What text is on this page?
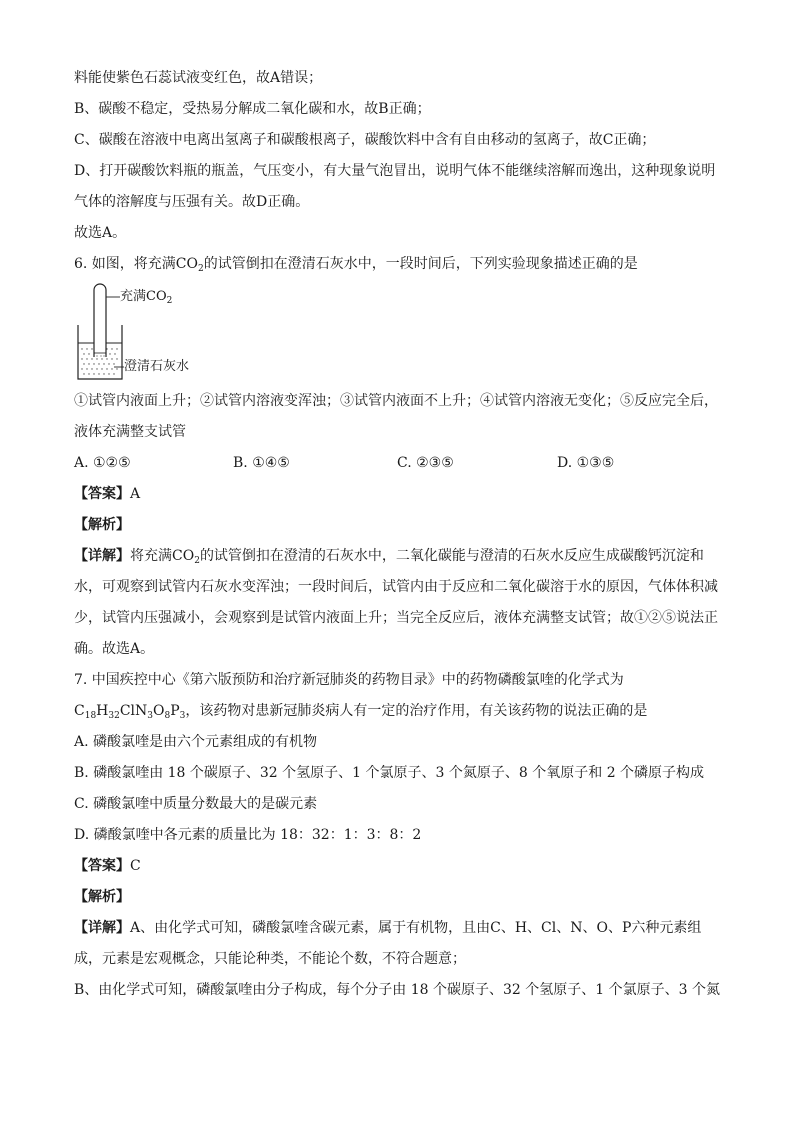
料能使紫色石蕊试液变红色，故A错误；
B、碳酸不稳定，受热易分解成二氧化碳和水，故B正确；
C、碳酸在溶液中电离出氢离子和碳酸根离子，碳酸饮料中含有自由移动的氢离子，故C正确；
D、打开碳酸饮料瓶的瓶盖，气压变小，有大量气泡冒出，说明气体不能继续溶解而逸出，这种现象说明
气体的溶解度与压强有关。故D正确。
故选A。
6. 如图，将充满$CO_2$的试管倒扣在澄清石灰水中，一段时间后，下列实验现象描述正确的是
充满$CO_2$
澄清石灰水
①试管内液面上升；②试管内溶液变浑浊；③试管内液面不上升；④试管内溶液无变化；⑤反应完全后，
液体充满整支试管
A. ①②⑤	B. ①④⑤	C. ②③⑤	D. ①③⑤
【答案】A
【解析】
【详解】将充满$CO_2$的试管倒扣在澄清的石灰水中，二氧化碳能与澄清的石灰水反应生成碳酸钙沉淀和
水，可观察到试管内石灰水变浑浊；一段时间后，试管内由于反应和二氧化碳溶于水的原因，气体体积减
少，试管内压强减小，会观察到是试管内液面上升；当完全反应后，液体充满整支试管；故①②⑤说法正
确。故选A。
7. 中国疾控中心《第六版预防和治疗新冠肺炎的药物目录》中的药物磷酸氯喹的化学式为
$C_{18}H_{32}ClN_3O_8P_3$，该药物对患新冠肺炎病人有一定的治疗作用，有关该药物的说法正确的是
A. 磷酸氯喹是由六个元素组成的有机物
B. 磷酸氯喹由 18 个碳原子、32 个氢原子、1 个氯原子、3 个氮原子、8 个氧原子和 2 个磷原子构成
C. 磷酸氯喹中质量分数最大的是碳元素
D. 磷酸氯喹中各元素的质量比为 18：32：1：3：8：2
【答案】C
【解析】
【详解】A、由化学式可知，磷酸氯喹含碳元素，属于有机物，且由C、H、Cl、N、O、P六种元素组
成，元素是宏观概念，只能论种类，不能论个数，不符合题意；
B、由化学式可知，磷酸氯喹由分子构成，每个分子由 18 个碳原子、32 个氢原子、1 个氯原子、3 个氮
